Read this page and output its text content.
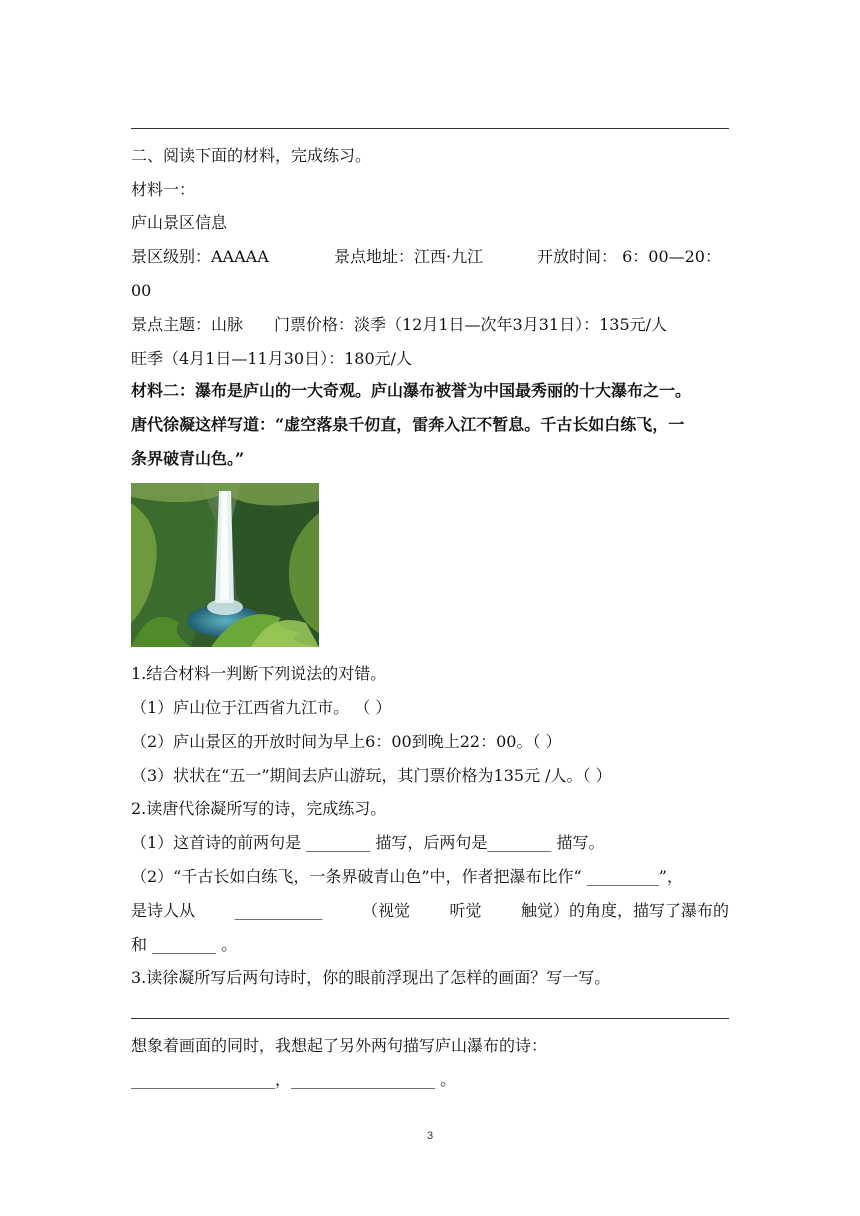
二、阅读下面的材料，完成练习。
材料一：
庐山景区信息
景区级别：AAAAA	景点地址：江西·九江	开放时间： 6：00—20：
00
景点主题：山脉 门票价格：淡季（12月1日—次年3月31日）：135元/人
旺季（4月1日—11月30日）：180元/人
材料二：瀑布是庐山的一大奇观。庐山瀑布被誉为中国最秀丽的十大瀑布之一。
唐代徐凝这样写道：“虚空落泉千仞直，雷奔入江不暂息。千古长如白练飞，一
条界破青山色。”
1.结合材料一判断下列说法的对错。
（1）庐山位于江西省九江市。 （ ）
（2）庐山景区的开放时间为早上6：00到晚上22：00。（ ）
（3）状状在“五一”期间去庐山游玩，其门票价格为135元 /人。（ ）
2.读唐代徐凝所写的诗，完成练习。
（1）这首诗的前两句是 ________ 描写，后两句是________ 描写。
（2）“千古长如白练飞，一条界破青山色”中，作者把瀑布比作“ _________”，
是诗人从 ___________ （视觉 听觉 触觉）的角度，描写了瀑布的
和 ________ 。
3.读徐凝所写后两句诗时，你的眼前浮现出了怎样的画面？写一写。
想象着画面的同时，我想起了另外两句描写庐山瀑布的诗：
__________________，__________________ 。
3
